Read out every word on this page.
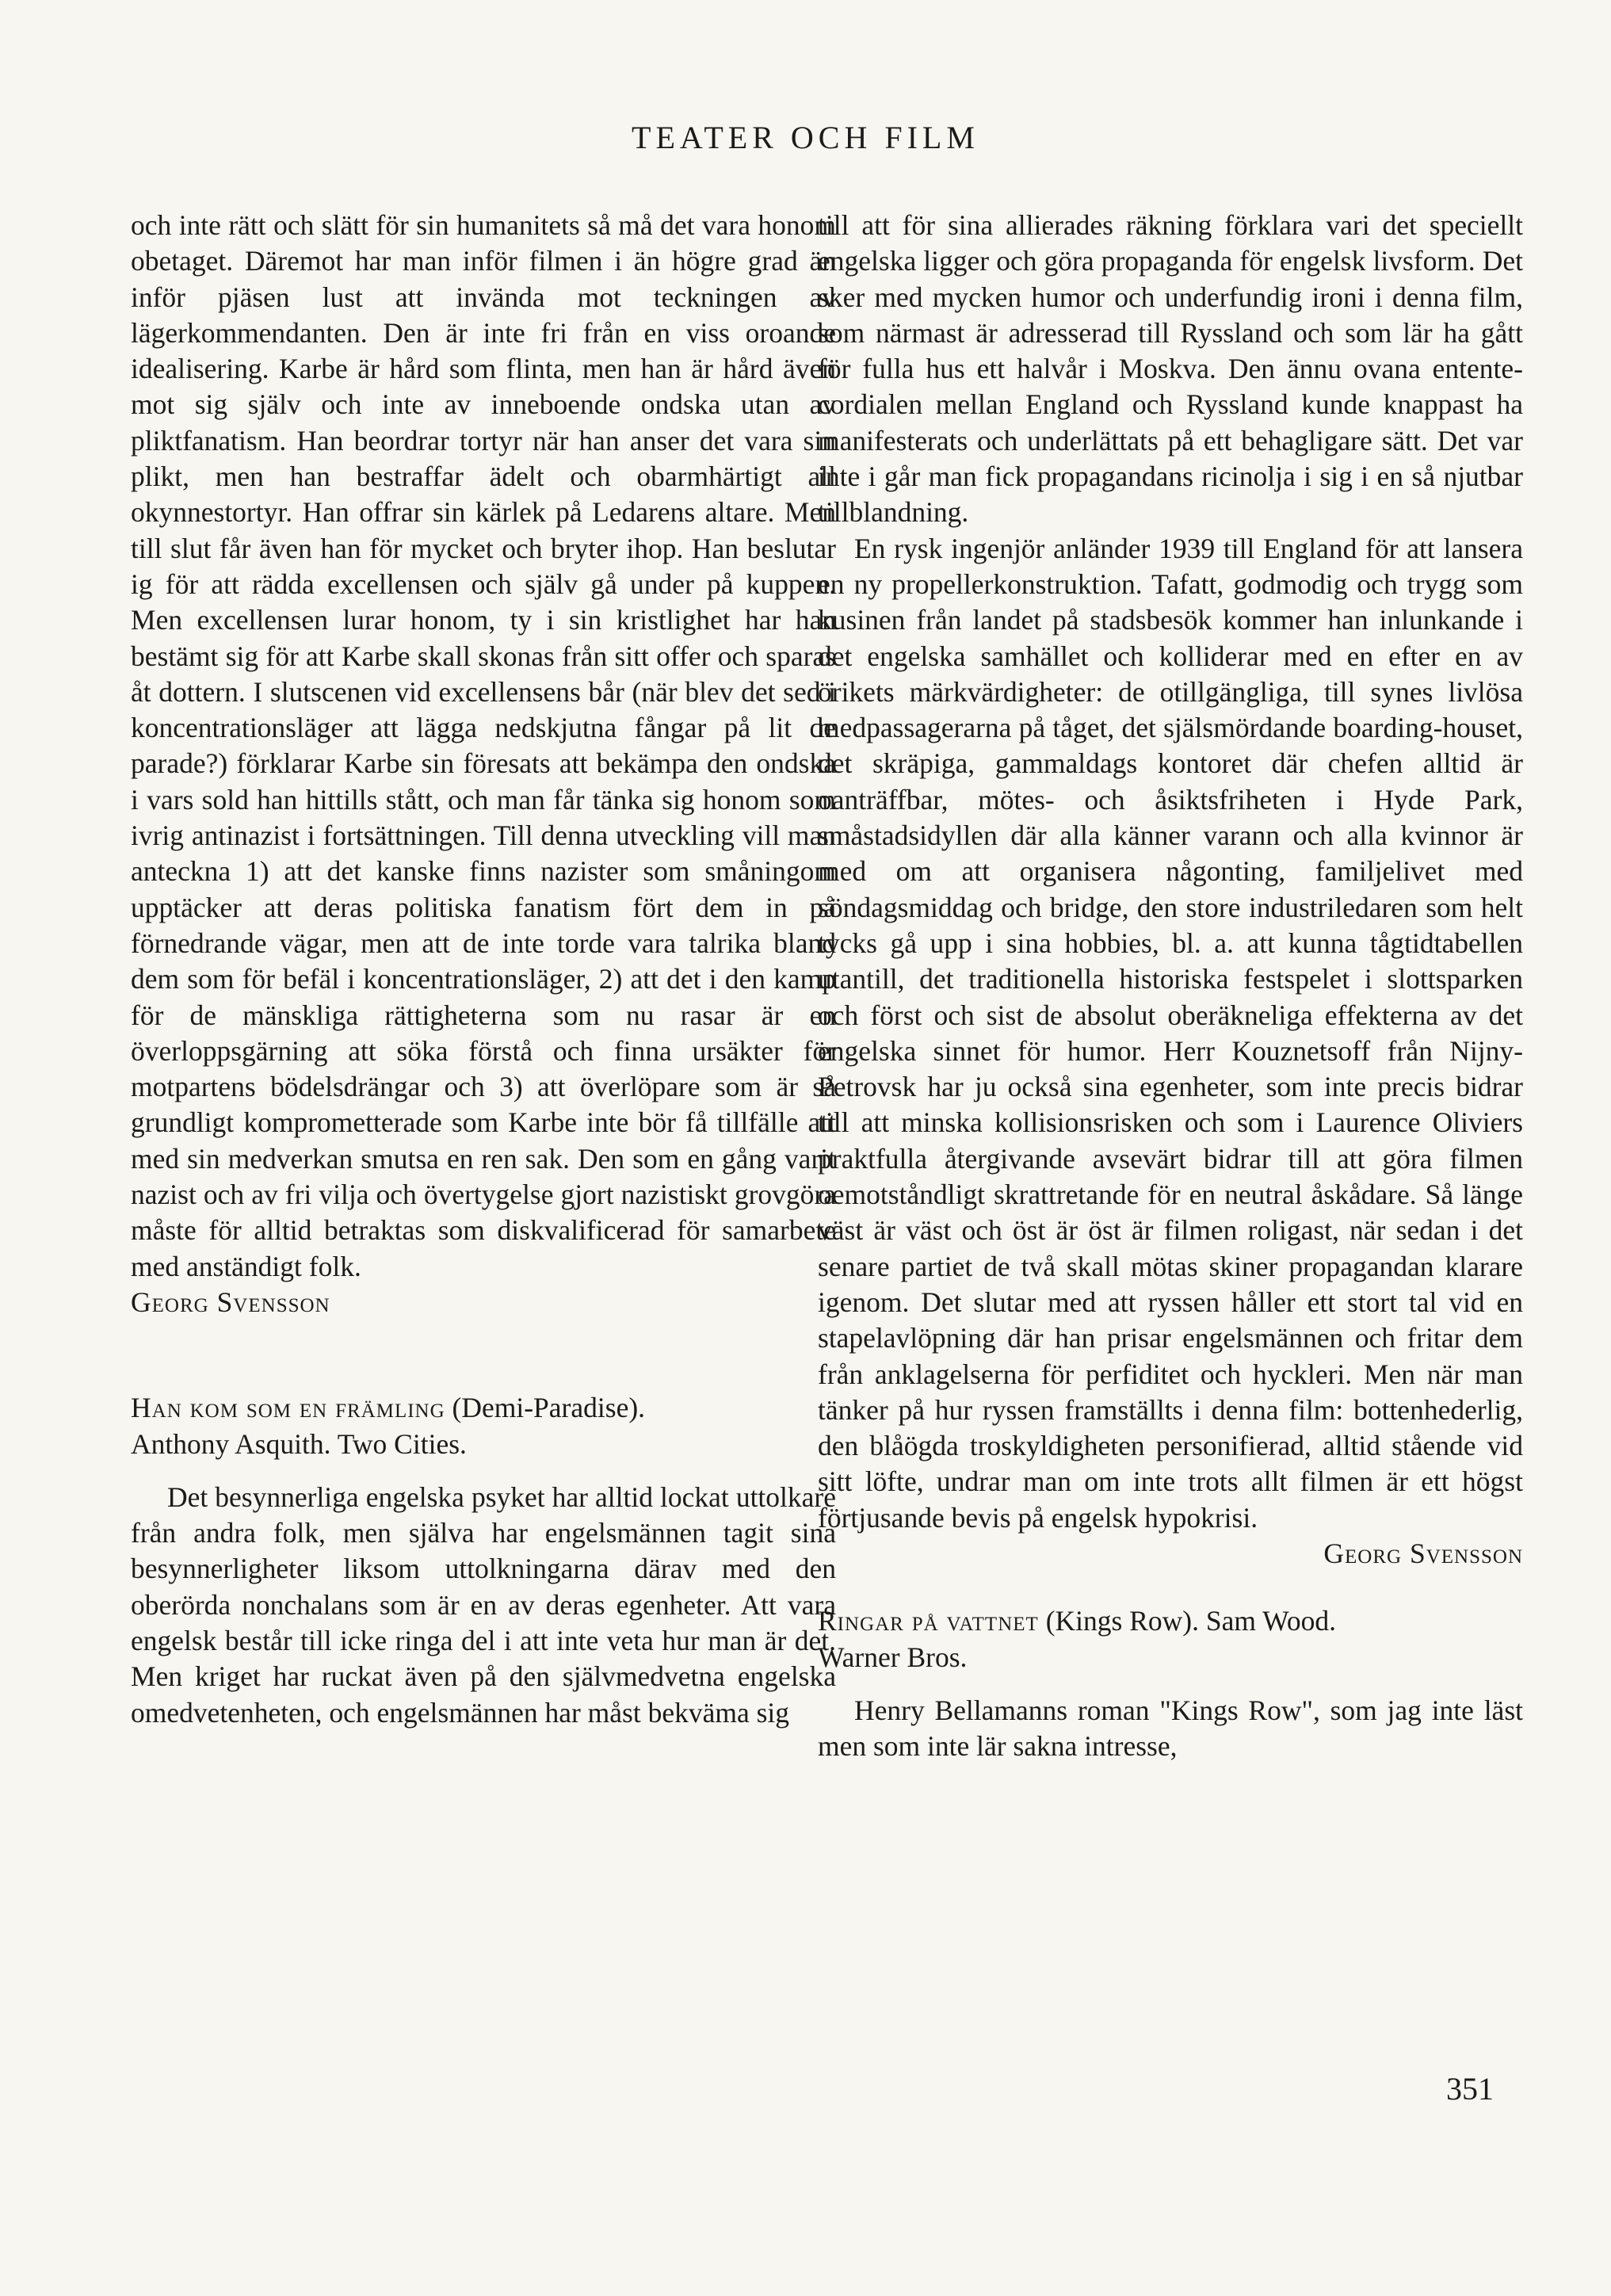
TEATER OCH FILM

och inte rätt och slätt för sin humanitets så må det vara honom obetaget. Däremot har man inför filmen i än högre grad än inför pjäsen lust att invända mot teckningen av lägerkommendanten. Den är inte fri från en viss oroande idealisering. Karbe är hård som flinta, men han är hård även mot sig själv och inte av inneboende ondska utan av pliktfanatism. Han beordrar tortyr när han anser det vara sin plikt, men han bestraffar ädelt och obarmhärtigt all okynnestortyr. Han offrar sin kärlek på Ledarens altare. Men till slut får även han för mycket och bryter ihop. Han beslutar ig för att rädda excellensen och själv gå under på kuppen. Men excellensen lurar honom, ty i sin kristlighet har han bestämt sig för att Karbe skall skonas från sitt offer och sparas åt dottern. I slutscenen vid excellensens bår (när blev det sed i koncentrationsläger att lägga nedskjutna fångar på lit de parade?) förklarar Karbe sin föresats att bekämpa den ondska i vars sold han hittills stått, och man får tänka sig honom som ivrig antinazist i fortsättningen. Till denna utveckling vill man anteckna 1) att det kanske finns nazister som småningom upptäcker att deras politiska fanatism fört dem in på förnedrande vägar, men att de inte torde vara talrika bland dem som för befäl i koncentrationsläger, 2) att det i den kamp för de mänskliga rättigheterna som nu rasar är en överloppsgärning att söka förstå och finna ursäkter för motpartens bödelsdrängar och 3) att överlöpare som är så grundligt komprometterade som Karbe inte bör få tillfälle att med sin medverkan smutsa en ren sak. Den som en gång varit nazist och av fri vilja och övertygelse gjort nazistiskt grovgöra måste för alltid betraktas som diskvalificerad för samarbete med anständigt folk.

Georg Svensson

Han kom som en främling (Demi-Paradise).

Anthony Asquith. Two Cities.

Det besynnerliga engelska psyket har alltid lockat uttolkare från andra folk, men själva har engelsmännen tagit sina besynnerligheter liksom uttolkningarna därav med den oberörda nonchalans som är en av deras egenheter. Att vara engelsk består till icke ringa del i att inte veta hur man är det. Men kriget har ruckat även på den självmedvetna engelska omedvetenheten, och engelsmännen har måst bekväma sig

till att för sina allierades räkning förklara vari det speciellt engelska ligger och göra propaganda för engelsk livsform. Det sker med mycken humor och underfundig ironi i denna film, som närmast är adresserad till Ryssland och som lär ha gått för fulla hus ett halvår i Moskva. Den ännu ovana entente-cordialen mellan England och Ryssland kunde knappast ha manifesterats och underlättats på ett behagligare sätt. Det var inte i går man fick propagandans ricinolja i sig i en så njutbar tillblandning.

En rysk ingenjör anländer 1939 till England för att lansera en ny propellerkonstruktion. Tafatt, godmodig och trygg som kusinen från landet på stadsbesök kommer han inlunkande i det engelska samhället och kolliderar med en efter en av örikets märkvärdigheter: de otillgängliga, till synes livlösa medpassagerarna på tåget, det själsmördande boarding-houset, det skräpiga, gammaldags kontoret där chefen alltid är oanträffbar, mötes- och åsiktsfriheten i Hyde Park, småstadsidyllen där alla känner varann och alla kvinnor är med om att organisera någonting, familjelivet med söndagsmiddag och bridge, den store industriledaren som helt tycks gå upp i sina hobbies, bl. a. att kunna tågtidtabellen utantill, det traditionella historiska festspelet i slottsparken och först och sist de absolut oberäkneliga effekterna av det engelska sinnet för humor. Herr Kouznetsoff från Nijny-Petrovsk har ju också sina egenheter, som inte precis bidrar till att minska kollisionsrisken och som i Laurence Oliviers praktfulla återgivande avsevärt bidrar till att göra filmen oemotståndligt skrattretande för en neutral åskådare. Så länge väst är väst och öst är öst är filmen roligast, när sedan i det senare partiet de två skall mötas skiner propagandan klarare igenom. Det slutar med att ryssen håller ett stort tal vid en stapelavlöpning där han prisar engelsmännen och fritar dem från anklagelserna för perfiditet och hyckleri. Men när man tänker på hur ryssen framställts i denna film: bottenhederlig, den blåögda troskyldigheten personifierad, alltid stående vid sitt löfte, undrar man om inte trots allt filmen är ett högst förtjusande bevis på engelsk hypokrisi.
Georg Svensson

Ringar på vattnet (Kings Row). Sam Wood.

Warner Bros.

Henry Bellamanns roman "Kings Row", som jag inte läst men som inte lär sakna intresse,

351
